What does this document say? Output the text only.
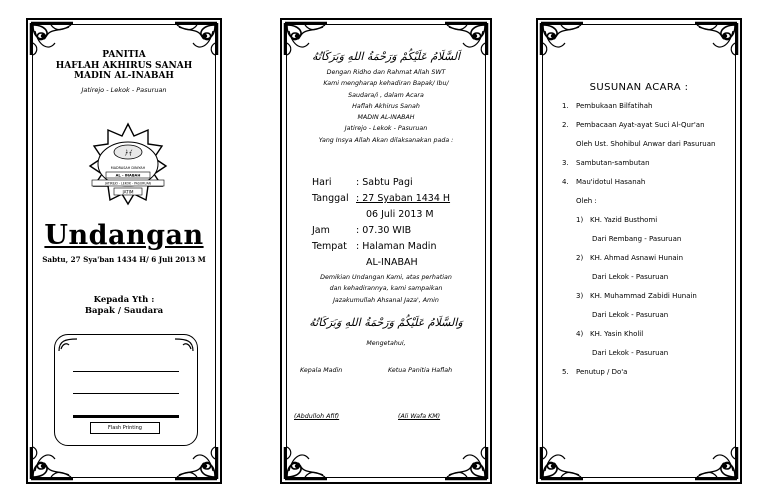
PANITIA
HAFLAH AKHIRUS SANAH
MADIN AL-INABAH
Jatirejo - Lekok - Pasuruan
﴿﴾
MADRASAH DINIYAH
AL - INABAH
JATIREJO - LEKOK - PASURUAN
JATIM
Undangan
Sabtu, 27 Sya'ban 1434 H/ 6 Juli 2013 M
Kepada Yth :
Bapak / Saudara
Flash Printing
اَلسَّلَامُ عَلَيْكُمْ وَرَحْمَةُ اللهِ وَبَرَكَاتُهُ
Dengan Ridho dan Rahmat Allah SWT
Kami mengharap kehadiran Bapak/ Ibu/
Saudara/i , dalam Acara
Haflah Akhirus Sanah
MADIN AL-INABAH
Jatirejo - Lekok - Pasuruan
Yang Insya Allah Akan dilaksanakan pada :
Hari	: Sabtu Pagi
Tanggal : 27 Syaban 1434 H
06 Juli 2013 M
Jam	: 07.30 WIB
Tempat : Halaman Madin
AL-INABAH
Demikian Undangan Kami, atas perhatian
dan kehadirannya, kami sampaikan
Jazakumullah Ahsanal Jaza', Amin
وَالسَّلَامُ عَلَيْكُمْ وَرَحْمَةُ اللهِ وَبَرَكَاتُهُ
Mengetahui,
Kepala Madin	Ketua Panitia Haflah
(Abdulloh Afif)	(Ali Wafa KM)
SUSUNAN ACARA :
1. Pembukaan Bilfatihah
2. Pembacaan Ayat-ayat Suci Al-Qur'an
Oleh Ust. Shohibul Anwar dari Pasuruan
3. Sambutan-sambutan
4. Mau'idotul Hasanah
Oleh :
1) KH. Yazid Busthomi
Dari Rembang - Pasuruan
2) KH. Ahmad Asnawi Hunain
Dari Lekok - Pasuruan
3) KH. Muhammad Zabidi Hunain
Dari Lekok - Pasuruan
4) KH. Yasin Kholil
Dari Lekok - Pasuruan
5. Penutup / Do'a
